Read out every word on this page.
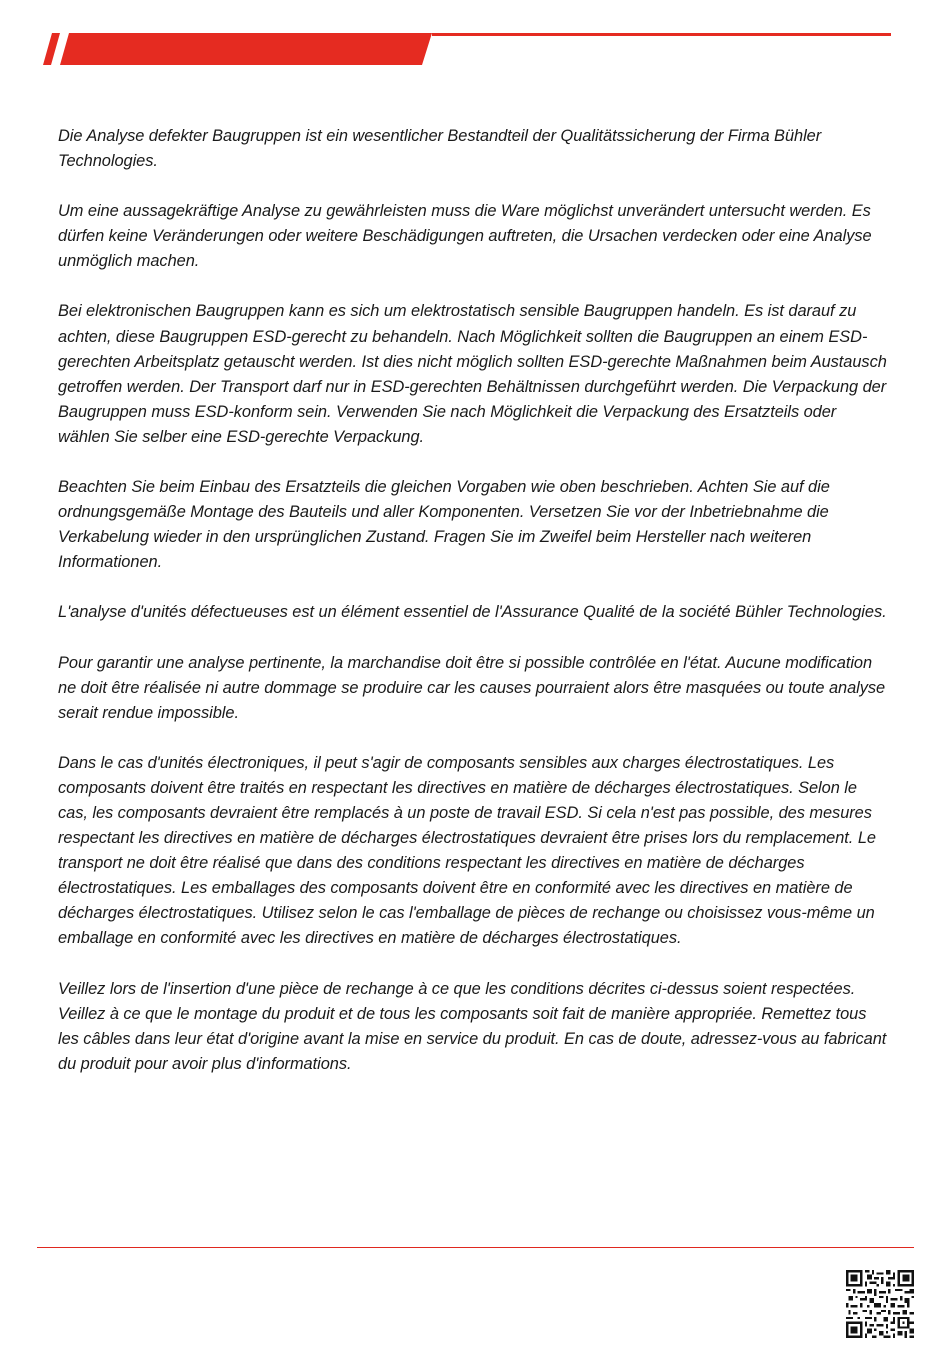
Die Analyse defekter Baugruppen ist ein wesentlicher Bestandteil der Qualitätssicherung der Firma Bühler Technologies.

Um eine aussagekräftige Analyse zu gewährleisten muss die Ware möglichst unverändert untersucht werden. Es dürfen keine Veränderungen oder weitere Beschädigungen auftreten, die Ursachen verdecken oder eine Analyse unmöglich machen.

Bei elektronischen Baugruppen kann es sich um elektrostatisch sensible Baugruppen handeln. Es ist darauf zu achten, diese Baugruppen ESD-gerecht zu behandeln. Nach Möglichkeit sollten die Baugruppen an einem ESD-gerechten Arbeitsplatz getauscht werden. Ist dies nicht möglich sollten ESD-gerechte Maßnahmen beim Austausch getroffen werden. Der Transport darf nur in ESD-gerechten Behältnissen durchgeführt werden. Die Verpackung der Baugruppen muss ESD-konform sein. Verwenden Sie nach Möglichkeit die Verpackung des Ersatzteils oder wählen Sie selber eine ESD-gerechte Verpackung.

Beachten Sie beim Einbau des Ersatzteils die gleichen Vorgaben wie oben beschrieben. Achten Sie auf die ordnungsgemäße Montage des Bauteils und aller Komponenten. Versetzen Sie vor der Inbetriebnahme die Verkabelung wieder in den ursprünglichen Zustand. Fragen Sie im Zweifel beim Hersteller nach weiteren Informationen.

L'analyse d'unités défectueuses est un élément essentiel de l'Assurance Qualité de la société Bühler Technologies.

Pour garantir une analyse pertinente, la marchandise doit être si possible contrôlée en l'état. Aucune modification ne doit être réalisée ni autre dommage se produire car les causes pourraient alors être masquées ou toute analyse serait rendue impossible.

Dans le cas d'unités électroniques, il peut s'agir de composants sensibles aux charges électrostatiques. Les composants doivent être traités en respectant les directives en matière de décharges électrostatiques. Selon le cas, les composants devraient être remplacés à un poste de travail ESD. Si cela n'est pas possible, des mesures respectant les directives en matière de décharges électrostatiques devraient être prises lors du remplacement. Le transport ne doit être réalisé que dans des conditions respectant les directives en matière de décharges électrostatiques. Les emballages des composants doivent être en conformité avec les directives en matière de décharges électrostatiques. Utilisez selon le cas l'emballage de pièces de rechange ou choisissez vous-même un emballage en conformité avec les directives en matière de décharges électrostatiques.

Veillez lors de l'insertion d'une pièce de rechange à ce que les conditions décrites ci-dessus soient respectées. Veillez à ce que le montage du produit et de tous les composants soit fait de manière appropriée. Remettez tous les câbles dans leur état d'origine avant la mise en service du produit. En cas de doute, adressez-vous au fabricant du produit pour avoir plus d'informations.
